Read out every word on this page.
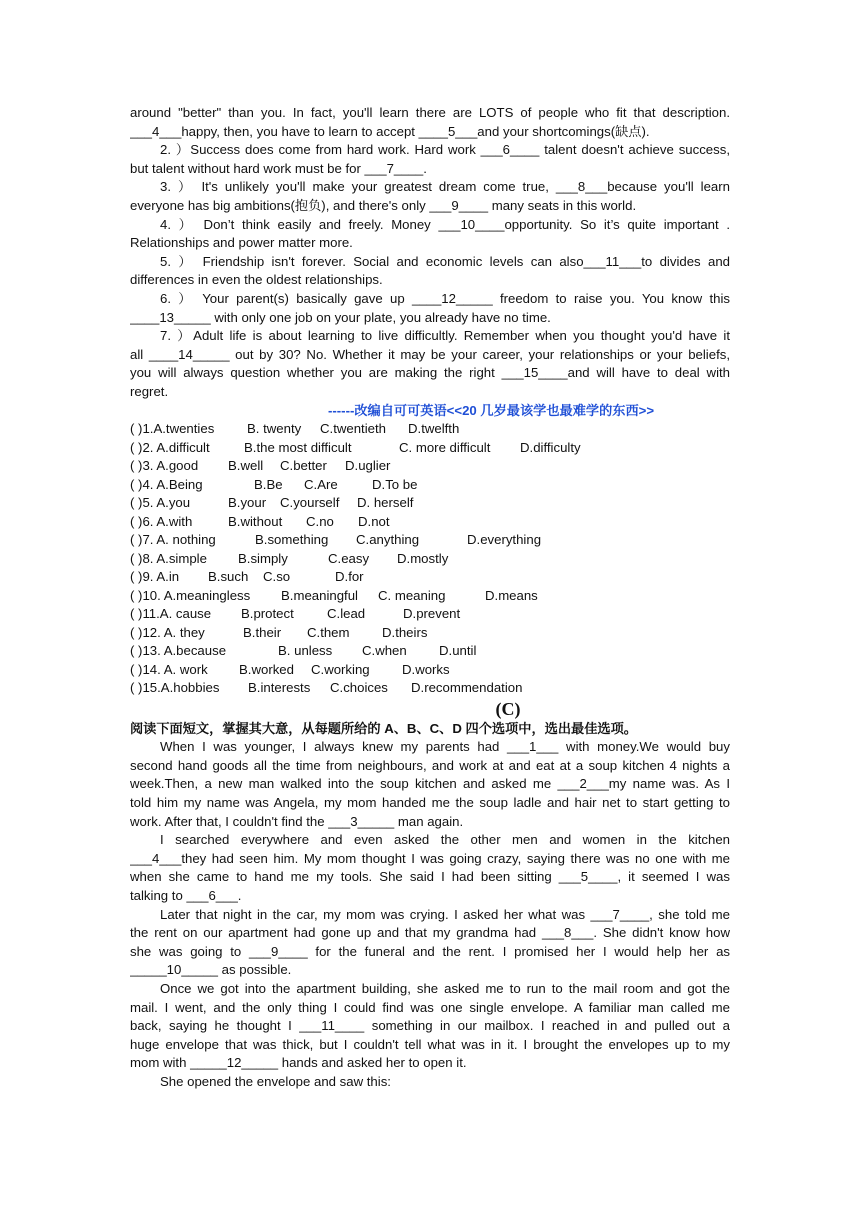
around "better" than you. In fact, you'll learn there are LOTS of people who fit that description.
___4___happy, then, you have to learn to accept ____5___and your shortcomings(缺点).
2. ）Success does come from hard work. Hard work ___6____ talent doesn't achieve success,
but talent without hard work must be for ___7____.
3. ） It's unlikely you'll make your greatest dream come true, ___8___because you'll learn
everyone has big ambitions(抱负), and there's only ___9____ many seats in this world.
4. ） Don’t think easily and freely. Money ___10____opportunity. So it’s quite important .
Relationships and power matter more.
5. ） Friendship isn't forever. Social and economic levels can also___11___to divides and
differences in even the oldest relationships.
6. ） Your parent(s) basically gave up ____12_____ freedom to raise you. You know this
____13_____ with only one job on your plate, you already have no time.
7. ）Adult life is about learning to live difficultly. Remember when you thought you'd have it
all ____14_____ out by 30? No. Whether it may be your career, your relationships or your beliefs,
you will always question whether you are making the right ___15____and will have to deal with
regret.
------改编自可可英语<<20 几岁最该学也最难学的东西>>
( )1.A.twenties B. twenty C.twentieth D.twelfth
( )2. A.difficult	B.the most difficult	C. more difficult D.difficulty
( )3. A.good B.well C.better D.uglier
( )4. A.Being	B.Be C.Are	D.To be
( )5. A.you	B.your C.yourself D. herself
( )6. A.with	B.without C.no D.not
( )7. A. nothing	B.something C.anything	D.everything
( )8. A.simple B.simply	C.easy D.mostly
( )9. A.in B.such C.so	D.for
( )10. A.meaningless B.meaningful C. meaning	D.means
( )11.A. cause B.protect	C.lead	D.prevent
( )12. A. they	B.their C.them D.theirs
( )13. A.because	B. unless C.when D.until
( )14. A. work B.worked C.working D.works
( )15.A.hobbies B.interests C.choices D.recommendation
(C)
阅读下面短文，掌握其大意，从每题所给的 A、B、C、D 四个选项中，选出最佳选项。
When I was younger, I always knew my parents had ___1___ with money.We would buy
second hand goods all the time from neighbours, and work at and eat at a soup kitchen 4 nights a
week.Then, a new man walked into the soup kitchen and asked me ___2___my name was. As I
told him my name was Angela, my mom handed me the soup ladle and hair net to start getting to
work. After that, I couldn't find the ___3_____ man again.
I searched everywhere and even asked the other men and women in the kitchen
___4___they had seen him. My mom thought I was going crazy, saying there was no one with me
when she came to hand me my tools. She said I had been sitting ___5____, it seemed I was
talking to ___6___.
Later that night in the car, my mom was crying. I asked her what was ___7____, she told me
the rent on our apartment had gone up and that my grandma had ___8___. She didn't know how
she was going to ___9____ for the funeral and the rent. I promised her I would help her as
_____10_____ as possible.
Once we got into the apartment building, she asked me to run to the mail room and got the
mail. I went, and the only thing I could find was one single envelope. A familiar man called me
back, saying he thought I ___11____ something in our mailbox. I reached in and pulled out a
huge envelope that was thick, but I couldn't tell what was in it. I brought the envelopes up to my
mom with _____12_____ hands and asked her to open it.
She opened the envelope and saw this:
